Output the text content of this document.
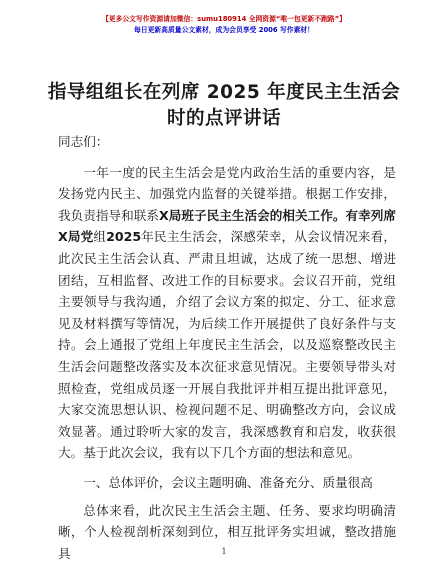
【更多公文写作资源请加微信：sumu180914 全网资源“唯一包更新不跑路”】
每日更新高质量公文素材，成为会员享受 2006 写作素材！
指导组组长在列席 2025 年度民主生活会时的点评讲话

同志们：

一年一度的民主生活会是党内政治生活的重要内容，是发扬党内民主、加强党内监督的关键举措。根据工作安排，我负责指导和联系Ⅹ局班子民主生活会的相关工作。有幸列席Ⅹ局党组2025年民主生活会，深感荣幸，从会议情况来看，此次民主生活会认真、严肃且坦诚，达成了统一思想、增进团结，互相监督、改进工作的目标要求。会议召开前，党组主要领导与我沟通，介绍了会议方案的拟定、分工、征求意见及材料撰写等情况，为后续工作开展提供了良好条件与支持。会上通报了党组上年度民主生活会，以及巡察整改民主生活会问题整改落实及本次征求意见情况。主要领导带头对照检查，党组成员逐一开展自我批评并相互提出批评意见，大家交流思想认识、检视问题不足、明确整改方向，会议成效显著。通过聆听大家的发言，我深感教育和启发，收获很大。基于此次会议，我有以下几个方面的想法和意见。

一、总体评价，会议主题明确、准备充分、质量很高

总体来看，此次民主生活会主题、任务、要求均明确清晰，个人检视剖析深刻到位，相互批评务实坦诚，整改措施具	1
